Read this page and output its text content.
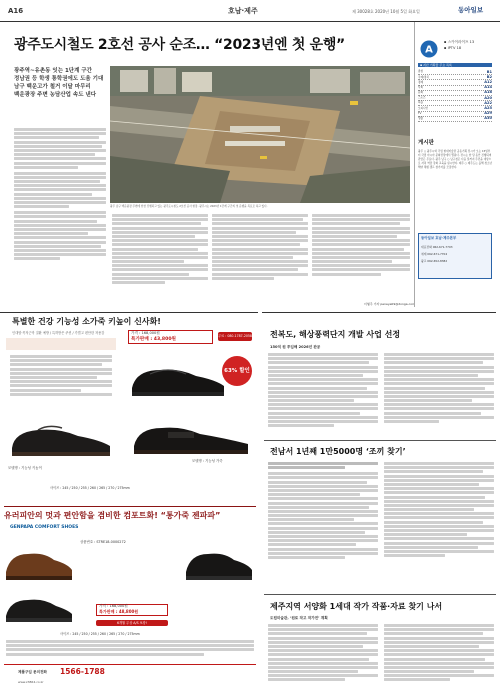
A16	호남·제주	제 30028호 2020년 10월 5일 화요일	동아일보
광주도시철도 2호선 공사 순조… “2023년엔 첫 운행”
광주역~유촌동 잇는 1단계 구간
정남권 등 학생 통학권에도 도움 기대
남구 백운고가 철거 이달 마무리
백운광장 주변 농담산업 속도 낸다
광주 남구 백운광장 주변에 한창 진행되고 있는 광주도시철도 2호선 공사 현장. 광주시는 2023년 1단계 구간의 첫 운행을 목표로 하고 있다.
이형주 기자 peneye09@donga.com
A
▪ 스카이라이프 13
▪ IPTV 18
▪ 지난 기획물 주요 목록
종합	B1
국제/정치	B2
경제	A12
사회	A14
문화	A18
스포츠	A20
피플	A22
오피니언	A25
TV	A29
생활	A30
게시판
광주 ○ 광주시와 국립 현대미술관 공동기획 전시가 오는 15일부터 국립 아시아 문화전당에서 열린다. 전시는 한 달 동안 진행되며 관람은 무료다. 광주 남구 ○ 남구청은 다음 달까지 주민을 대상으로 자치 역량 강화 교육을 실시한다. 제주 ○ 제주도는 올해 청소년 해양 체험 캠프 참가자를 모집한다.
동아일보 호남·제주본부
대표전화 062-671-7703
취재 062-671-7704
광고 062-652-8382
특별한 건강 기능성 소가죽 키높이 신사화!
인대염·족저근막 질환 예방 / 특허받은 쿠션 / 가볍고 편안한 착용감
모델명 : 기능성 키높이
가격 : 168,000원
특가판매 : 43,800원
무료 : 080-1787-2058
63% 할인
모델명 : 기능성 가죽
사이즈 : 245 / 250 / 255 / 260 / 265 / 270 / 275mm
유러피안의 멋과 편안함을 겸비한 컴포트화! “통가죽 젠파파”
GENPAPA COMFORT SHOES
상품번호 : STRE18-0000272
가격 : 168,000원
특가판매 : 48,800원
6개월 무상 A/S 보장!
사이즈 : 245 / 250 / 255 / 260 / 265 / 270 / 275mm
제품구입 문의전화 1566-1788
www.z3864.co.kr
전복도, 해상풍력단지 개발 사업 선정
150억 원 투입해 2026년 완공
전남서 1년째 1만5000명 ‘조끼 찾기’
제주지역 서양화 1세대 작가 작품·자료 찾기 나서
도립미술관, ‘원로 작고 작가전’ 계획
